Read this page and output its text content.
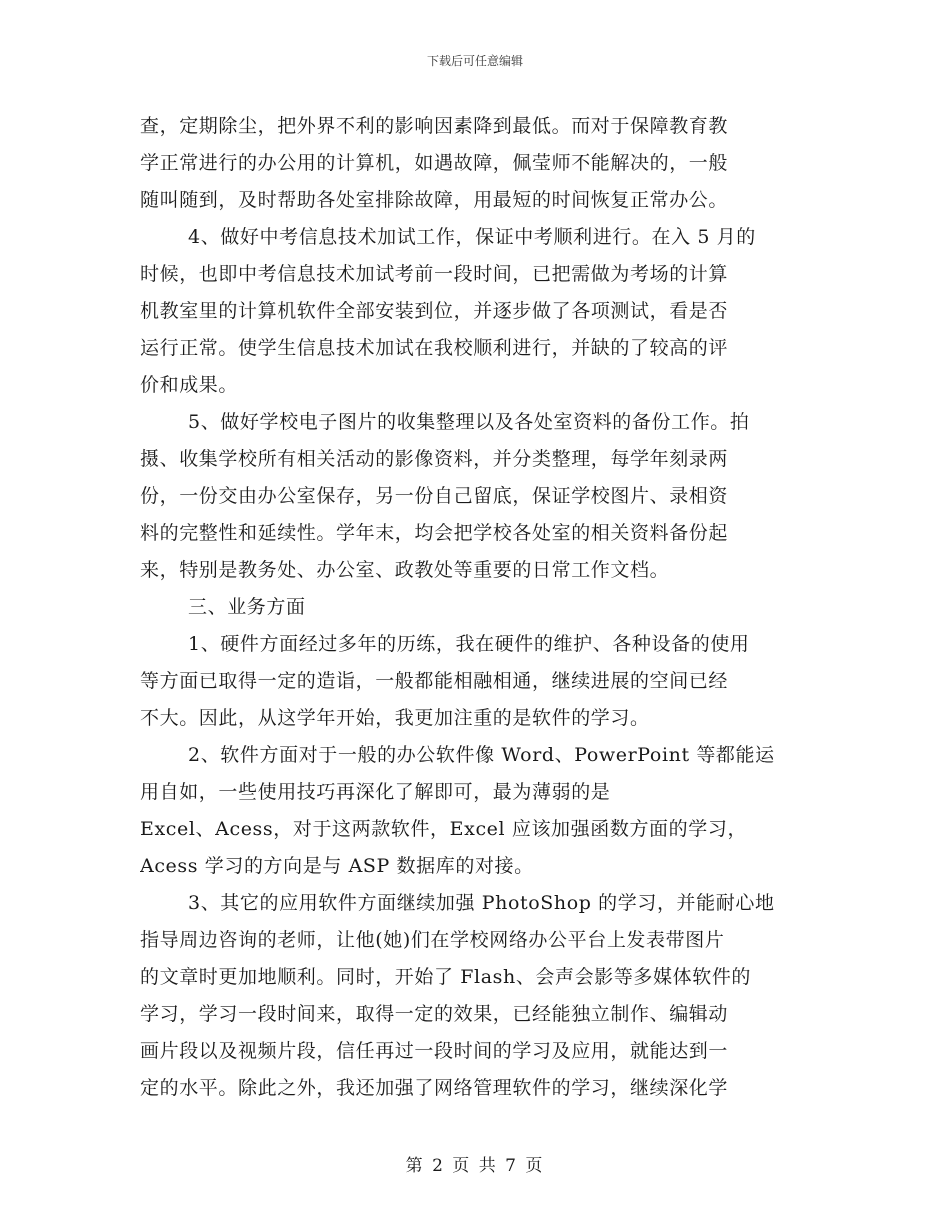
下载后可任意编辑
查，定期除尘，把外界不利的影响因素降到最低。而对于保障教育教
学正常进行的办公用的计算机，如遇故障，佩莹师不能解决的，一般
随叫随到，及时帮助各处室排除故障，用最短的时间恢复正常办公。
4、做好中考信息技术加试工作，保证中考顺利进行。在入 5 月的
时候，也即中考信息技术加试考前一段时间，已把需做为考场的计算
机教室里的计算机软件全部安装到位，并逐步做了各项测试，看是否
运行正常。使学生信息技术加试在我校顺利进行，并缺的了较高的评
价和成果。
5、做好学校电子图片的收集整理以及各处室资料的备份工作。拍
摄、收集学校所有相关活动的影像资料，并分类整理，每学年刻录两
份，一份交由办公室保存，另一份自己留底，保证学校图片、录相资
料的完整性和延续性。学年末，均会把学校各处室的相关资料备份起
来，特别是教务处、办公室、政教处等重要的日常工作文档。
三、业务方面
1、硬件方面经过多年的历练，我在硬件的维护、各种设备的使用
等方面已取得一定的造诣，一般都能相融相通，继续进展的空间已经
不大。因此，从这学年开始，我更加注重的是软件的学习。
2、软件方面对于一般的办公软件像 Word、PowerPoint 等都能运
用自如，一些使用技巧再深化了解即可，最为薄弱的是
Excel、Acess，对于这两款软件，Excel 应该加强函数方面的学习，
Acess 学习的方向是与 ASP 数据库的对接。
3、其它的应用软件方面继续加强 PhotoShop 的学习，并能耐心地
指导周边咨询的老师，让他(她)们在学校网络办公平台上发表带图片
的文章时更加地顺利。同时，开始了 Flash、会声会影等多媒体软件的
学习，学习一段时间来，取得一定的效果，已经能独立制作、编辑动
画片段以及视频片段，信任再过一段时间的学习及应用，就能达到一
定的水平。除此之外，我还加强了网络管理软件的学习，继续深化学
第 2 页 共 7 页
